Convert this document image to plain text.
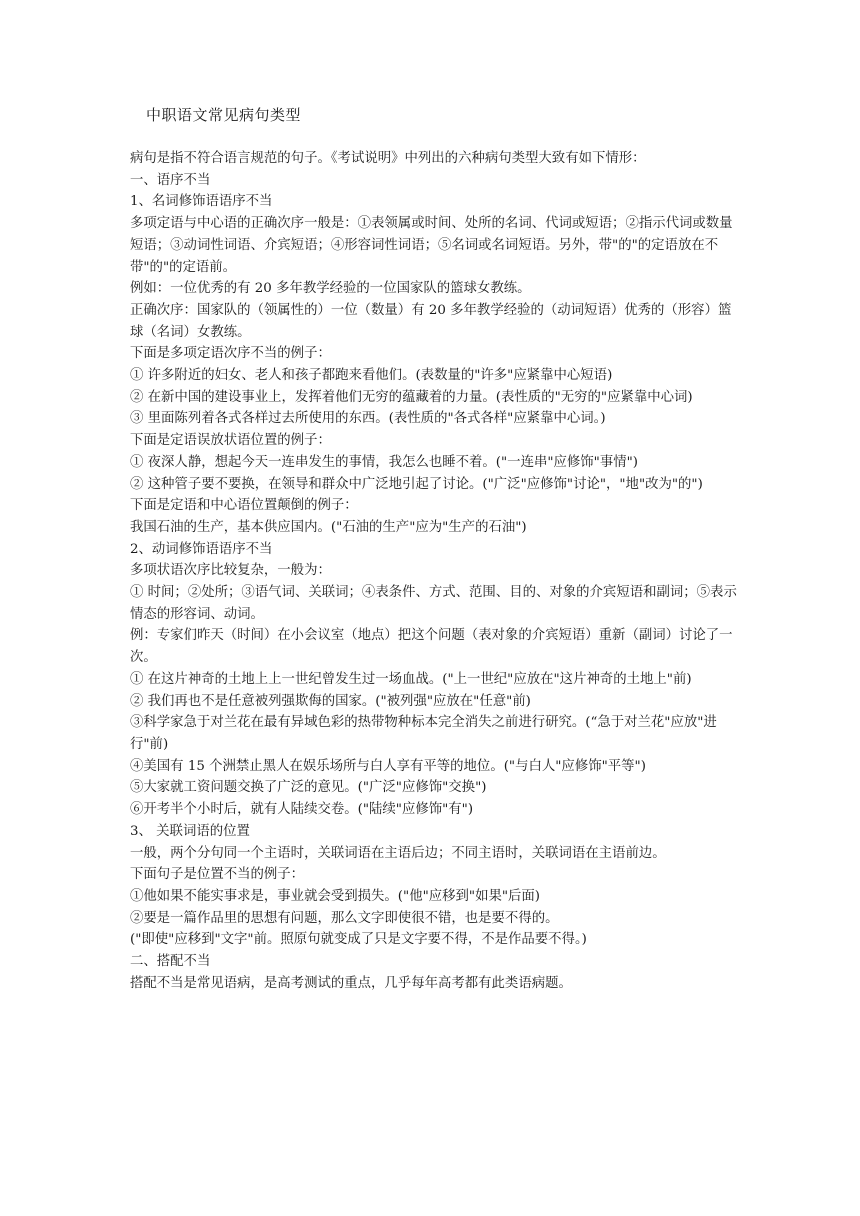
中职语文常见病句类型

病句是指不符合语言规范的句子。《考试说明》中列出的六种病句类型大致有如下情形：

一、语序不当

1、名词修饰语语序不当

多项定语与中心语的正确次序一般是：①表领属或时间、处所的名词、代词或短语；②指示代词或数量短语；③动词性词语、介宾短语；④形容词性词语；⑤名词或名词短语。另外，带"的"的定语放在不带"的"的定语前。

例如：一位优秀的有 20 多年教学经验的一位国家队的篮球女教练。

正确次序：国家队的（领属性的）一位（数量）有 20 多年教学经验的（动词短语）优秀的（形容）篮球（名词）女教练。

下面是多项定语次序不当的例子：

① 许多附近的妇女、老人和孩子都跑来看他们。(表数量的"许多"应紧靠中心短语)

② 在新中国的建设事业上，发挥着他们无穷的蕴藏着的力量。(表性质的"无穷的"应紧靠中心词)

③ 里面陈列着各式各样过去所使用的东西。(表性质的"各式各样"应紧靠中心词。)

下面是定语误放状语位置的例子：

① 夜深人静，想起今天一连串发生的事情，我怎么也睡不着。("一连串"应修饰"事情")

② 这种管子要不要换，在领导和群众中广泛地引起了讨论。("广泛"应修饰"讨论"，"地"改为"的")

下面是定语和中心语位置颠倒的例子：

我国石油的生产，基本供应国内。("石油的生产"应为"生产的石油")

2、动词修饰语语序不当

多项状语次序比较复杂，一般为：

① 时间；②处所；③语气词、关联词；④表条件、方式、范围、目的、对象的介宾短语和副词；⑤表示情态的形容词、动词。

例：专家们昨天（时间）在小会议室（地点）把这个问题（表对象的介宾短语）重新（副词）讨论了一次。

① 在这片神奇的土地上上一世纪曾发生过一场血战。("上一世纪"应放在"这片神奇的土地上"前)

② 我们再也不是任意被列强欺侮的国家。("被列强"应放在"任意"前)

③科学家急于对兰花在最有异域色彩的热带物种标本完全消失之前进行研究。(“急于对兰花"应放"进行"前)

④美国有 15 个洲禁止黑人在娱乐场所与白人享有平等的地位。("与白人"应修饰"平等")

⑤大家就工资问题交换了广泛的意见。("广泛"应修饰"交换")

⑥开考半个小时后，就有人陆续交卷。("陆续"应修饰"有")

3、 关联词语的位置

一般，两个分句同一个主语时，关联词语在主语后边；不同主语时，关联词语在主语前边。

下面句子是位置不当的例子：

①他如果不能实事求是，事业就会受到损失。("他"应移到"如果"后面)

②要是一篇作品里的思想有问题，那么文字即使很不错，也是要不得的。

("即使"应移到"文字"前。照原句就变成了只是文字要不得，不是作品要不得。)

二、搭配不当

搭配不当是常见语病，是高考测试的重点，几乎每年高考都有此类语病题。
